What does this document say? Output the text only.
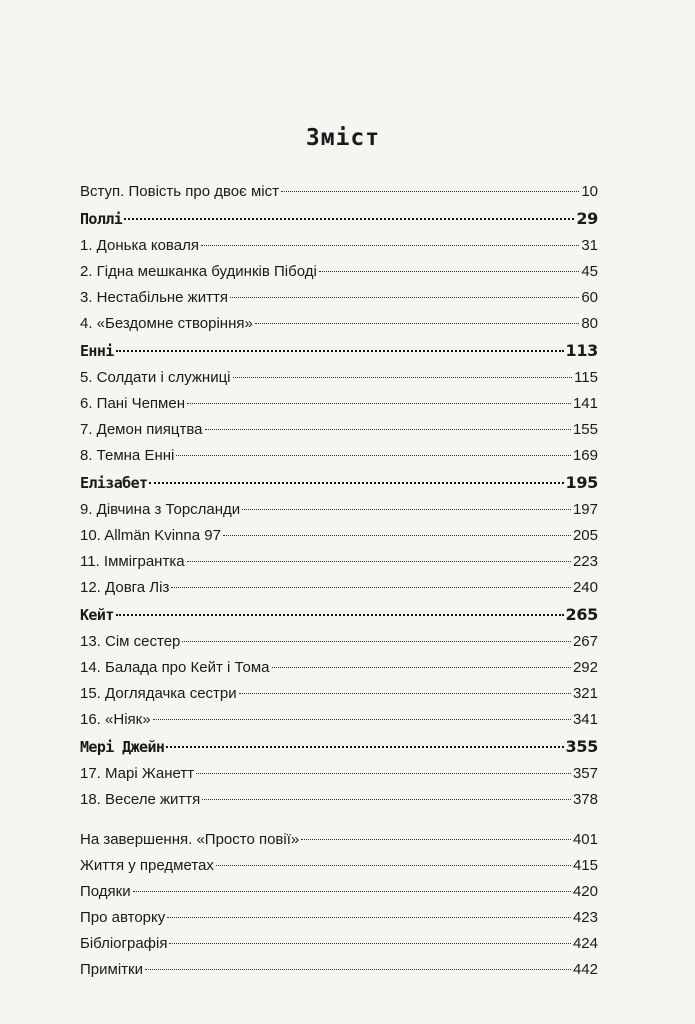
Зміст
Вступ. Повість про двоє міст	10
Поллі	29
1. Донька коваля	31
2. Гідна мешканка будинків Пібоді	45
3. Нестабільне життя	60
4. «Бездомне створіння»	80
Енні	113
5. Солдати і служниці	115
6. Пані Чепмен	141
7. Демон пияцтва	155
8. Темна Енні	169
Елізабет	195
9. Дівчина з Торсланди	197
10. Allmän Kvinna 97	205
11. Іммігрантка	223
12. Довга Ліз	240
Кейт	265
13. Сім сестер	267
14. Балада про Кейт і Тома	292
15. Доглядачка сестри	321
16. «Нiяк»	341
Мері Джейн	355
17. Марі Жанетт	357
18. Веселе життя	378
На завершення. «Просто повії»	401
Життя у предметах	415
Подяки	420
Про авторку	423
Бібліографія	424
Примітки	442
